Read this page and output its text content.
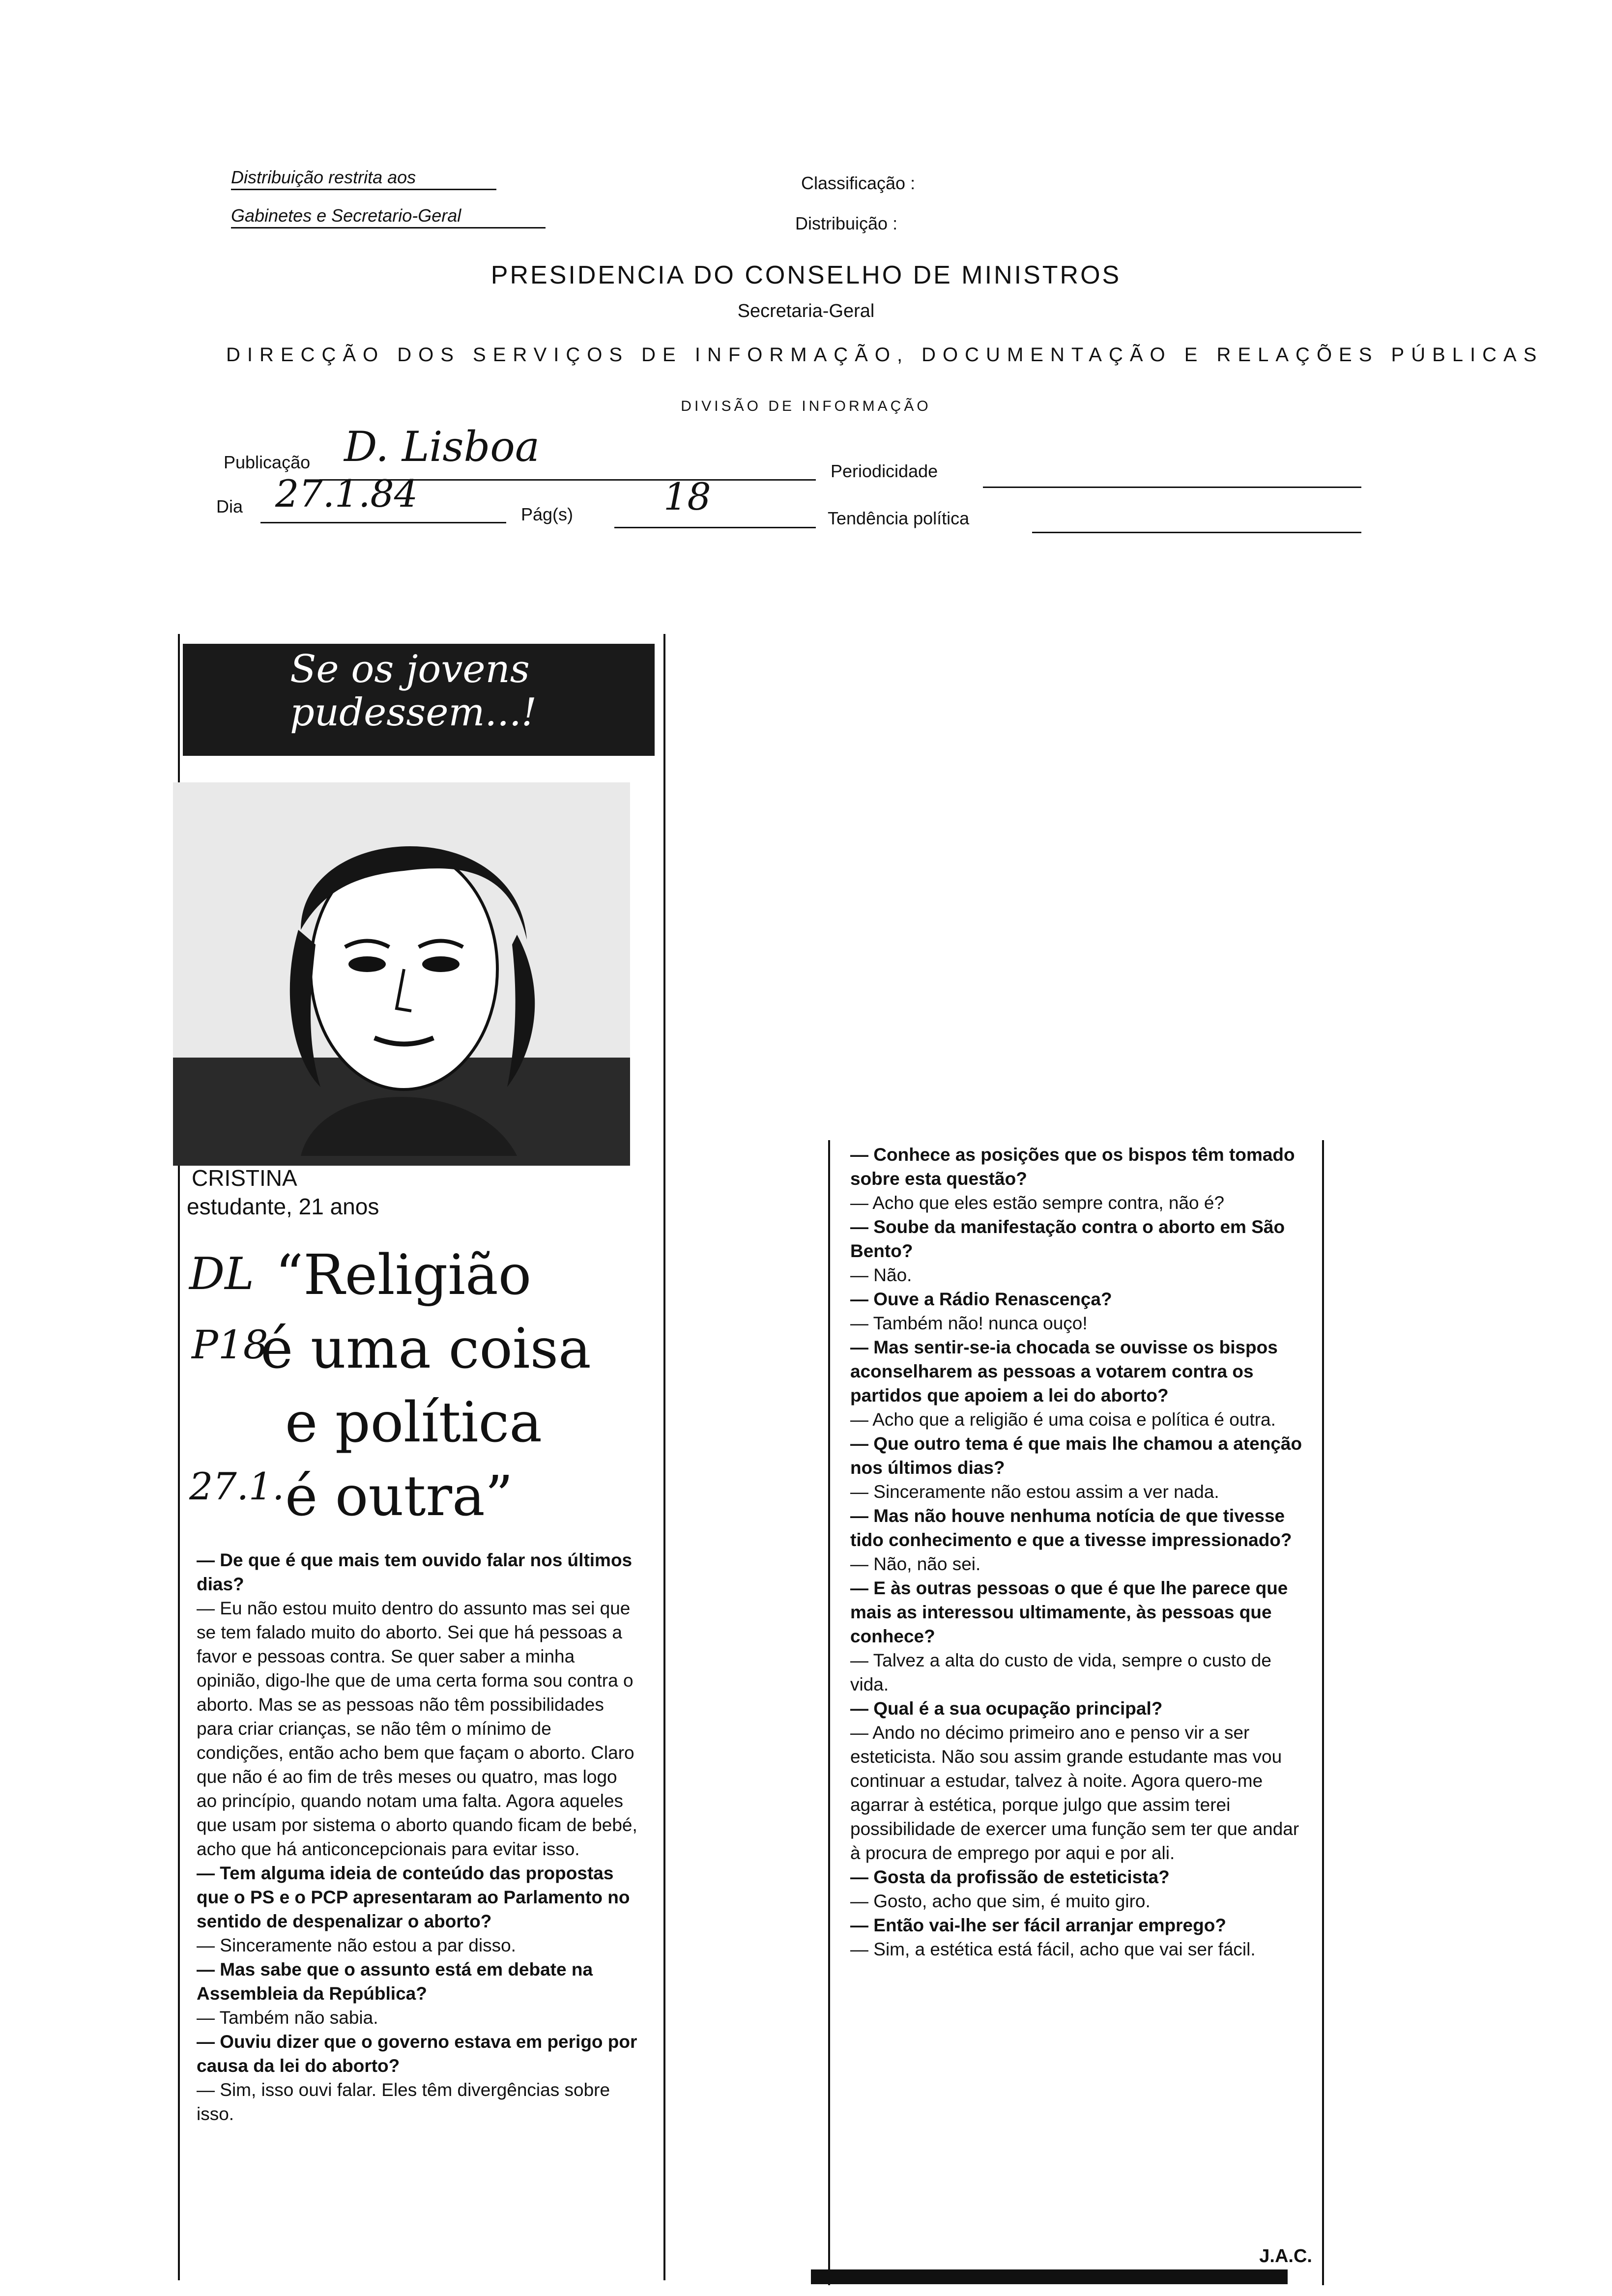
Distribuição restrita aos
Gabinetes e Secretario-Geral
Classificação :
Distribuição :
PRESIDENCIA DO CONSELHO DE MINISTROS
Secretaria-Geral
DIRECÇÃO DOS SERVIÇOS DE INFORMAÇÃO, DOCUMENTAÇÃO E RELAÇÕES PÚBLICAS
DIVISÃO DE INFORMAÇÃO
Publicação D. Lisboa
Periodicidade
Dia 27.1.84	Pág(s) 18	Tendência política
Se os jovens pudessem...!
CRISTINA
estudante, 21 anos
DL
P18
27.1.
“Religião
é uma coisa
e política
é outra”

— De que é que mais tem ouvido falar nos últimos dias?

— Eu não estou muito dentro do assunto mas sei que se tem falado muito do aborto. Sei que há pessoas a favor e pessoas contra. Se quer saber a minha opinião, digo-lhe que de uma certa forma sou contra o aborto. Mas se as pessoas não têm possibilidades para criar crianças, se não têm o mínimo de condições, então acho bem que façam o aborto. Claro que não é ao fim de três meses ou quatro, mas logo ao princípio, quando notam uma falta. Agora aqueles que usam por sistema o aborto quando ficam de bebé, acho que há anticoncepcionais para evitar isso.

— Tem alguma ideia de conteúdo das propostas que o PS e o PCP apresentaram ao Parlamento no sentido de despenalizar o aborto?

— Sinceramente não estou a par disso.

— Mas sabe que o assunto está em debate na Assembleia da República?

— Também não sabia.

— Ouviu dizer que o governo estava em perigo por causa da lei do aborto?

— Sim, isso ouvi falar. Eles têm divergências sobre isso.

— Conhece as posições que os bispos têm tomado sobre esta questão?

— Acho que eles estão sempre contra, não é?

— Soube da manifestação contra o aborto em São Bento?

— Não.

— Ouve a Rádio Renascença?

— Também não! nunca ouço!

— Mas sentir-se-ia chocada se ouvisse os bispos aconselharem as pessoas a votarem contra os partidos que apoiem a lei do aborto?

— Acho que a religião é uma coisa e política é outra.

— Que outro tema é que mais lhe chamou a atenção nos últimos dias?

— Sinceramente não estou assim a ver nada.

— Mas não houve nenhuma notícia de que tivesse tido conhecimento e que a tivesse impressionado?

— Não, não sei.

— E às outras pessoas o que é que lhe parece que mais as interessou ultimamente, às pessoas que conhece?

— Talvez a alta do custo de vida, sempre o custo de vida.

— Qual é a sua ocupação principal?

— Ando no décimo primeiro ano e penso vir a ser esteticista. Não sou assim grande estudante mas vou continuar a estudar, talvez à noite. Agora quero-me agarrar à estética, porque julgo que assim terei possibilidade de exercer uma função sem ter que andar à procura de emprego por aqui e por ali.

— Gosta da profissão de esteticista?

— Gosto, acho que sim, é muito giro.

— Então vai-lhe ser fácil arranjar emprego?

— Sim, a estética está fácil, acho que vai ser fácil.

J.A.C.
